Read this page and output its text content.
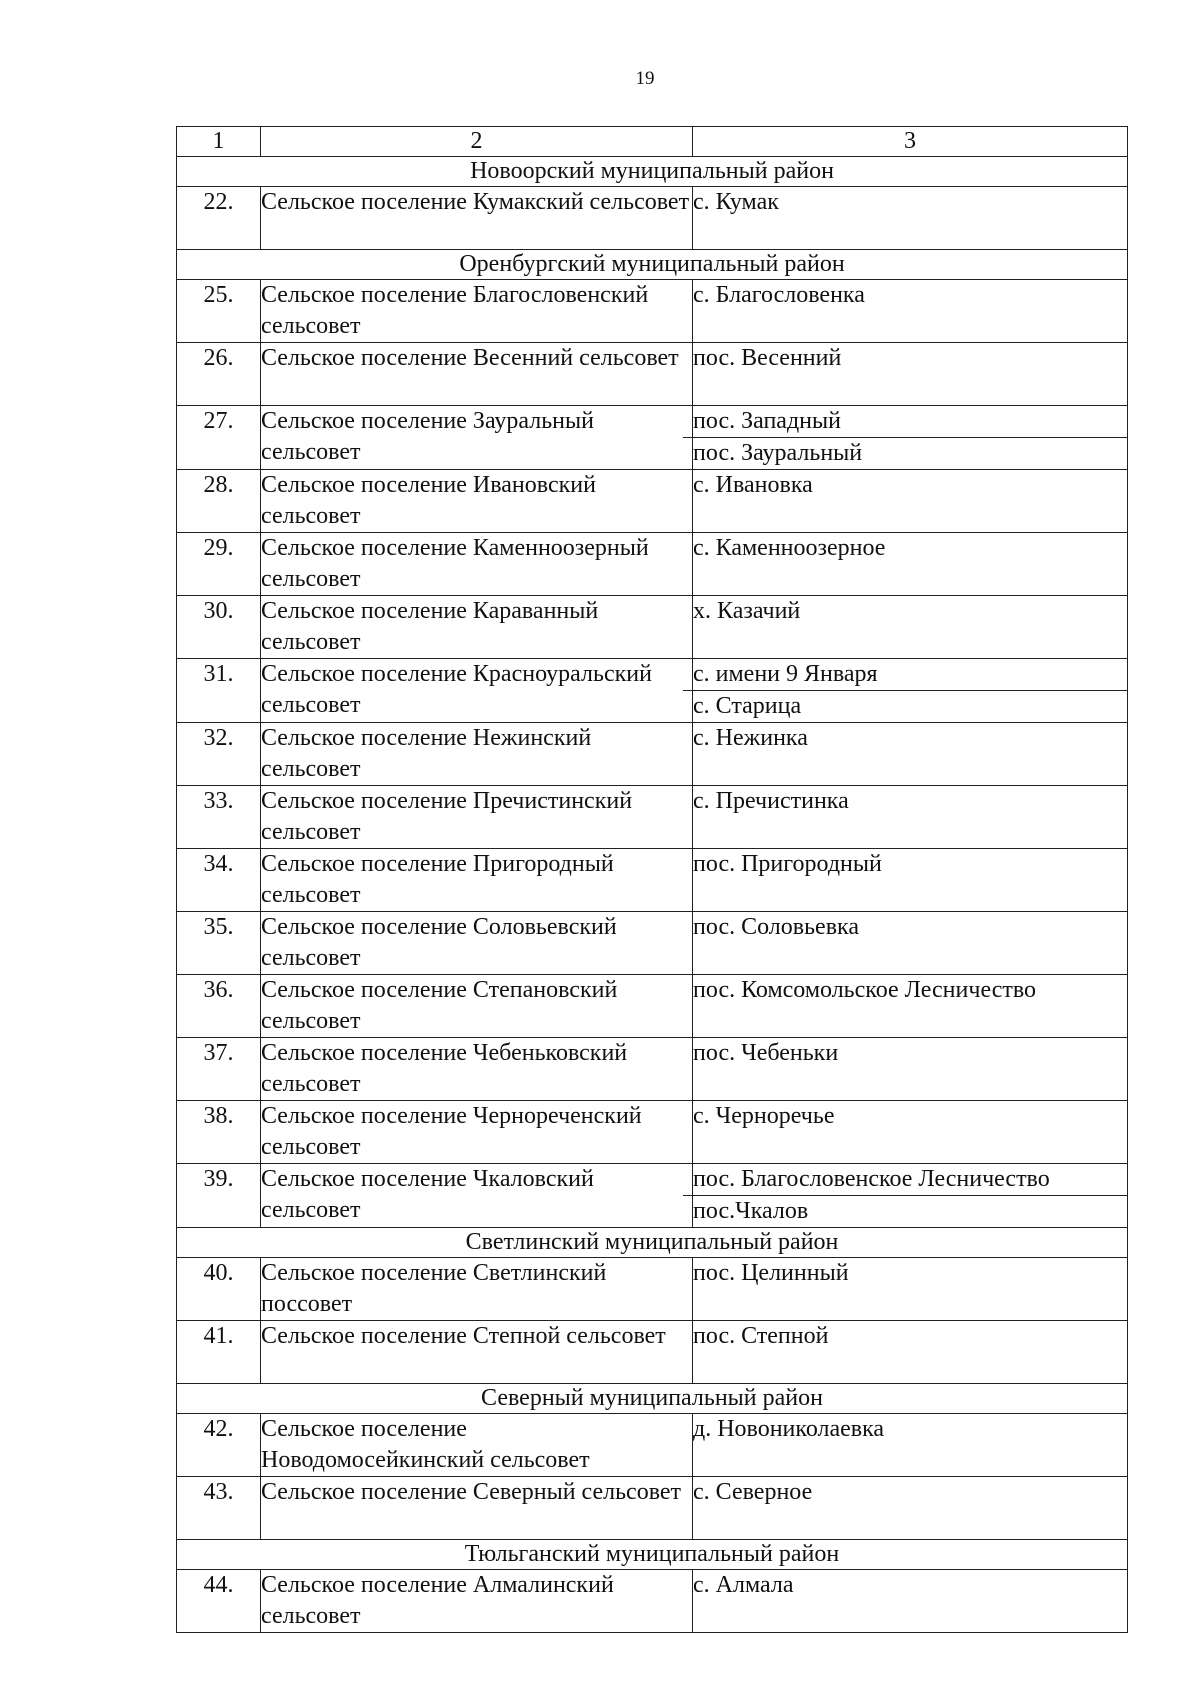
19
1	2	3
Новоорский муниципальный район		
22.	Сельское поселение Кумакский сельсовет	с. Кумак

Оренбургский муниципальный район		
25.	Сельское поселение Благословенский сельсовет	с. Благословенка

26.	Сельское поселение Весенний сельсовет	пос. Весенний

27.	Сельское поселение Зауральный сельсовет	пос. Западный
пос. Зауральный

28.	Сельское поселение Ивановский сельсовет	с. Ивановка

29.	Сельское поселение Каменноозерный сельсовет	с. Каменноозерное

30.	Сельское поселение Караванный сельсовет	х. Казачий

31.	Сельское поселение Красноуральский сельсовет	с. имени 9 Января
с. Старица

32.	Сельское поселение Нежинский сельсовет	с. Нежинка

33.	Сельское поселение Пречистинский сельсовет	с. Пречистинка

34.	Сельское поселение Пригородный сельсовет	пос. Пригородный

35.	Сельское поселение Соловьевский сельсовет	пос. Соловьевка

36.	Сельское поселение Степановский сельсовет	пос. Комсомольское Лесничество

37.	Сельское поселение Чебеньковский сельсовет	пос. Чебеньки

38.	Сельское поселение Чернореченский сельсовет	с. Черноречье

39.	Сельское поселение Чкаловский сельсовет	пос. Благословенское Лесничество
пос.Чкалов

Светлинский муниципальный район		
40.	Сельское поселение Светлинский поссовет	пос. Целинный

41.	Сельское поселение Степной сельсовет	пос. Степной

Северный муниципальный район		
42.	Сельское поселение Новодомосейкинский сельсовет	д. Новониколаевка

43.	Сельское поселение Северный сельсовет	с. Северное

Тюльганский муниципальный район		
44.	Сельское поселение Алмалинский сельсовет	с. Алмала
